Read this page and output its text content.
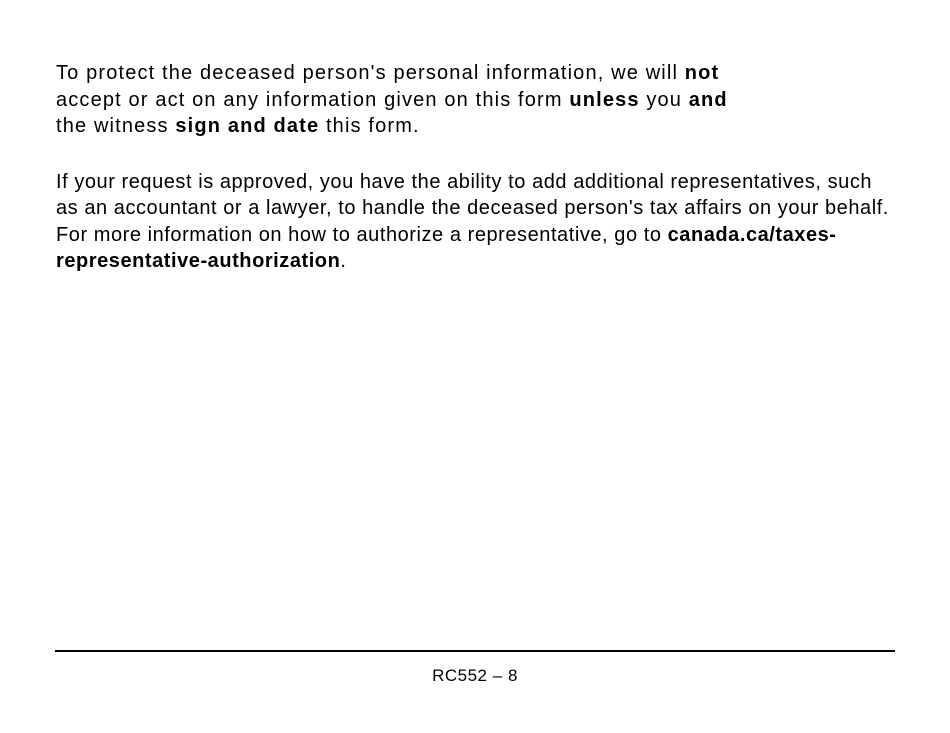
To protect the deceased person's personal information, we will not
accept or act on any information given on this form unless you and
the witness sign and date this form.

If your request is approved, you have the ability to add additional representatives, such as an accountant or a lawyer, to handle the deceased person's tax affairs on your behalf. For more information on how to authorize a representative, go to canada.ca/taxes-representative-authorization.

RC552 – 8
